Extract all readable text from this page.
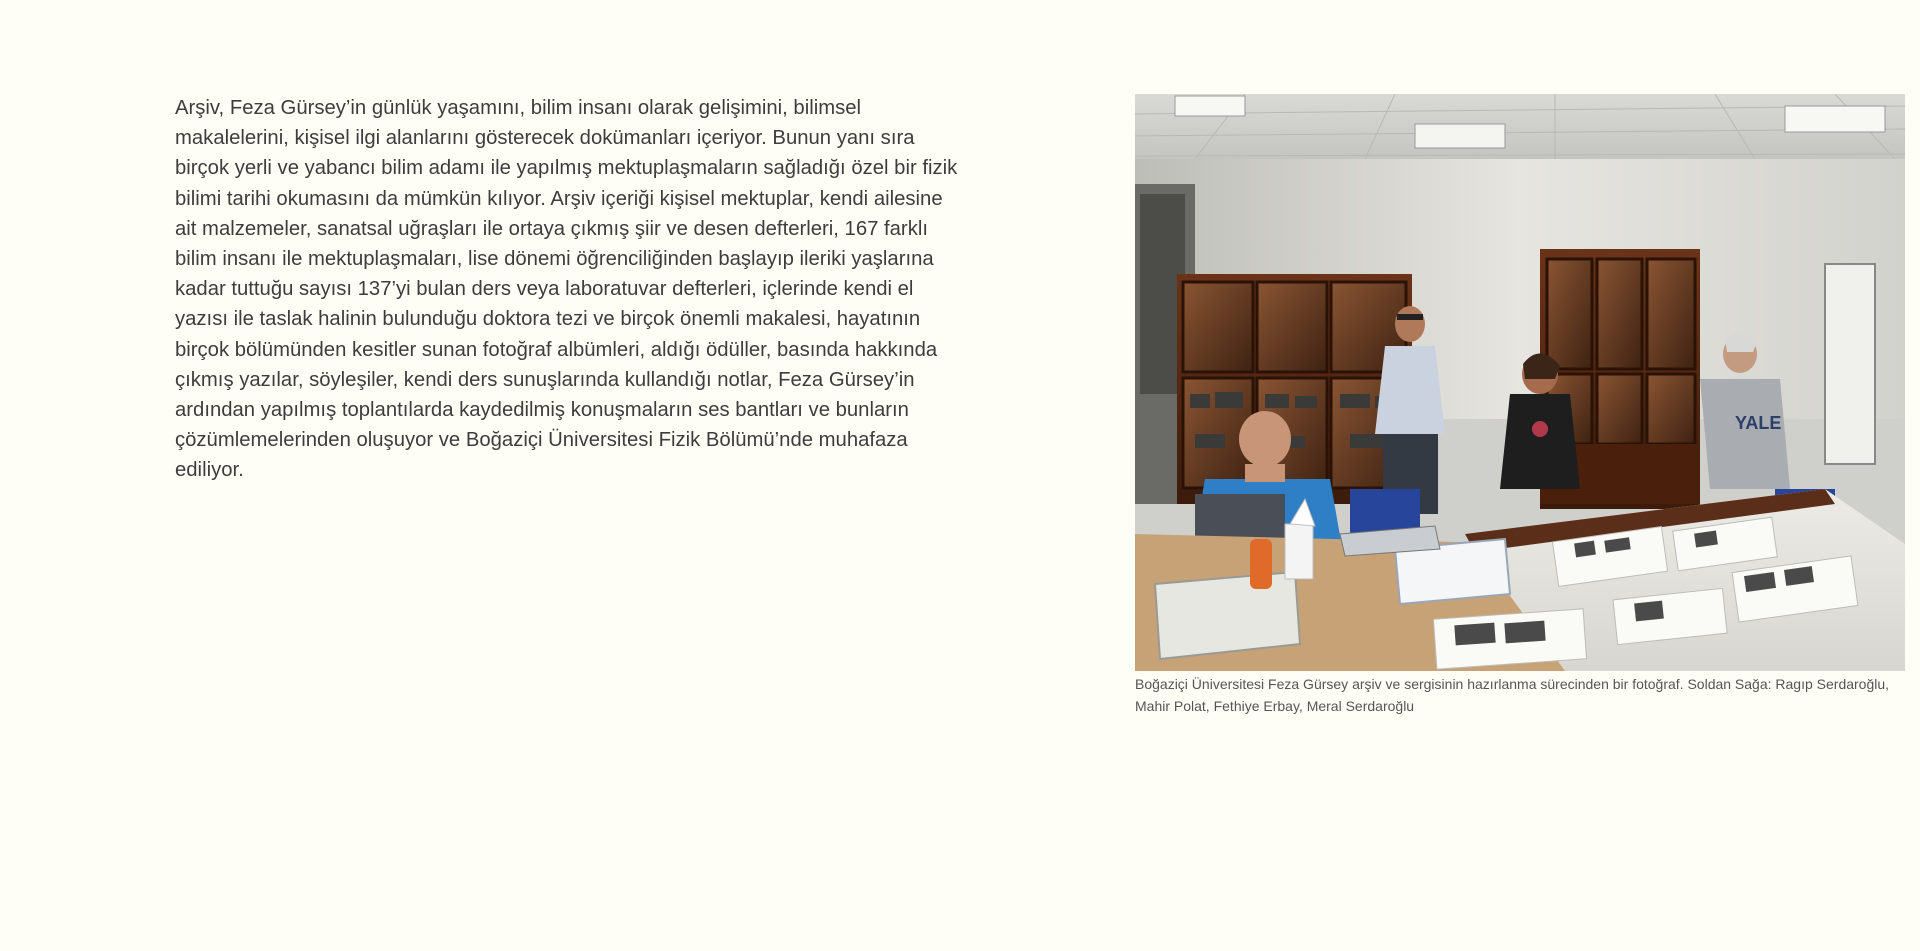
Arşiv, Feza Gürsey’in günlük yaşamını, bilim insanı olarak gelişimini, bilimsel makalelerini, kişisel ilgi alanlarını gösterecek dokümanları içeriyor. Bunun yanı sıra birçok yerli ve yabancı bilim adamı ile yapılmış mektuplaşmaların sağladığı özel bir fizik bilimi tarihi okumasını da mümkün kılıyor. Arşiv içeriği kişisel mektuplar, kendi ailesine ait malzemeler, sanatsal uğraşları ile ortaya çıkmış şiir ve desen defterleri, 167 farklı bilim insanı ile mektuplaşmaları, lise dönemi öğrenciliğinden başlayıp ileriki yaşlarına kadar tuttuğu sayısı 137’yi bulan ders veya laboratuvar defterleri, içlerinde kendi el yazısı ile taslak halinin bulunduğu doktora tezi ve birçok önemli makalesi, hayatının birçok bölümünden kesitler sunan fotoğraf albümleri, aldığı ödüller, basında hakkında çıkmış yazılar, söyleşiler, kendi ders sunuşlarında kullandığı notlar, Feza Gürsey’in ardından yapılmış toplantılarda kaydedilmiş konuşmaların ses bantları ve bunların çözümlemelerinden oluşuyor ve Boğaziçi Üniversitesi Fizik Bölümü’nde muhafaza ediliyor.

YALE
Boğaziçi Üniversitesi Feza Gürsey arşiv ve sergisinin hazırlanma sürecinden bir fotoğraf. Soldan Sağa: Ragıp Serdaroğlu, Mahir Polat, Fethiye Erbay, Meral Serdaroğlu
